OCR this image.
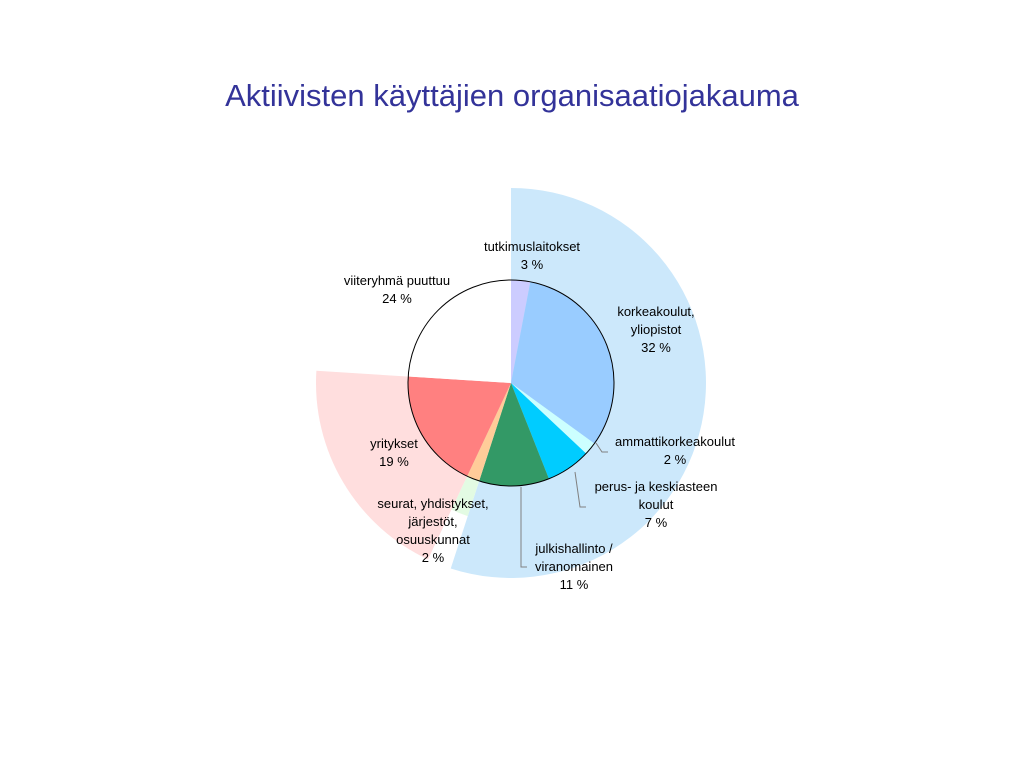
Aktiivisten käyttäjien organisaatiojakauma
tutkimuslaitokset 3 %
korkeakoulut, yliopistot 32 %
ammattikorkeakoulut 2 %
perus- ja keskiasteen koulut 7 %
julkishallinto / viranomainen 11 %
seurat, yhdistykset, järjestöt, osuuskunnat 2 %
yritykset 19 %
viiteryhmä puuttuu 24 %
